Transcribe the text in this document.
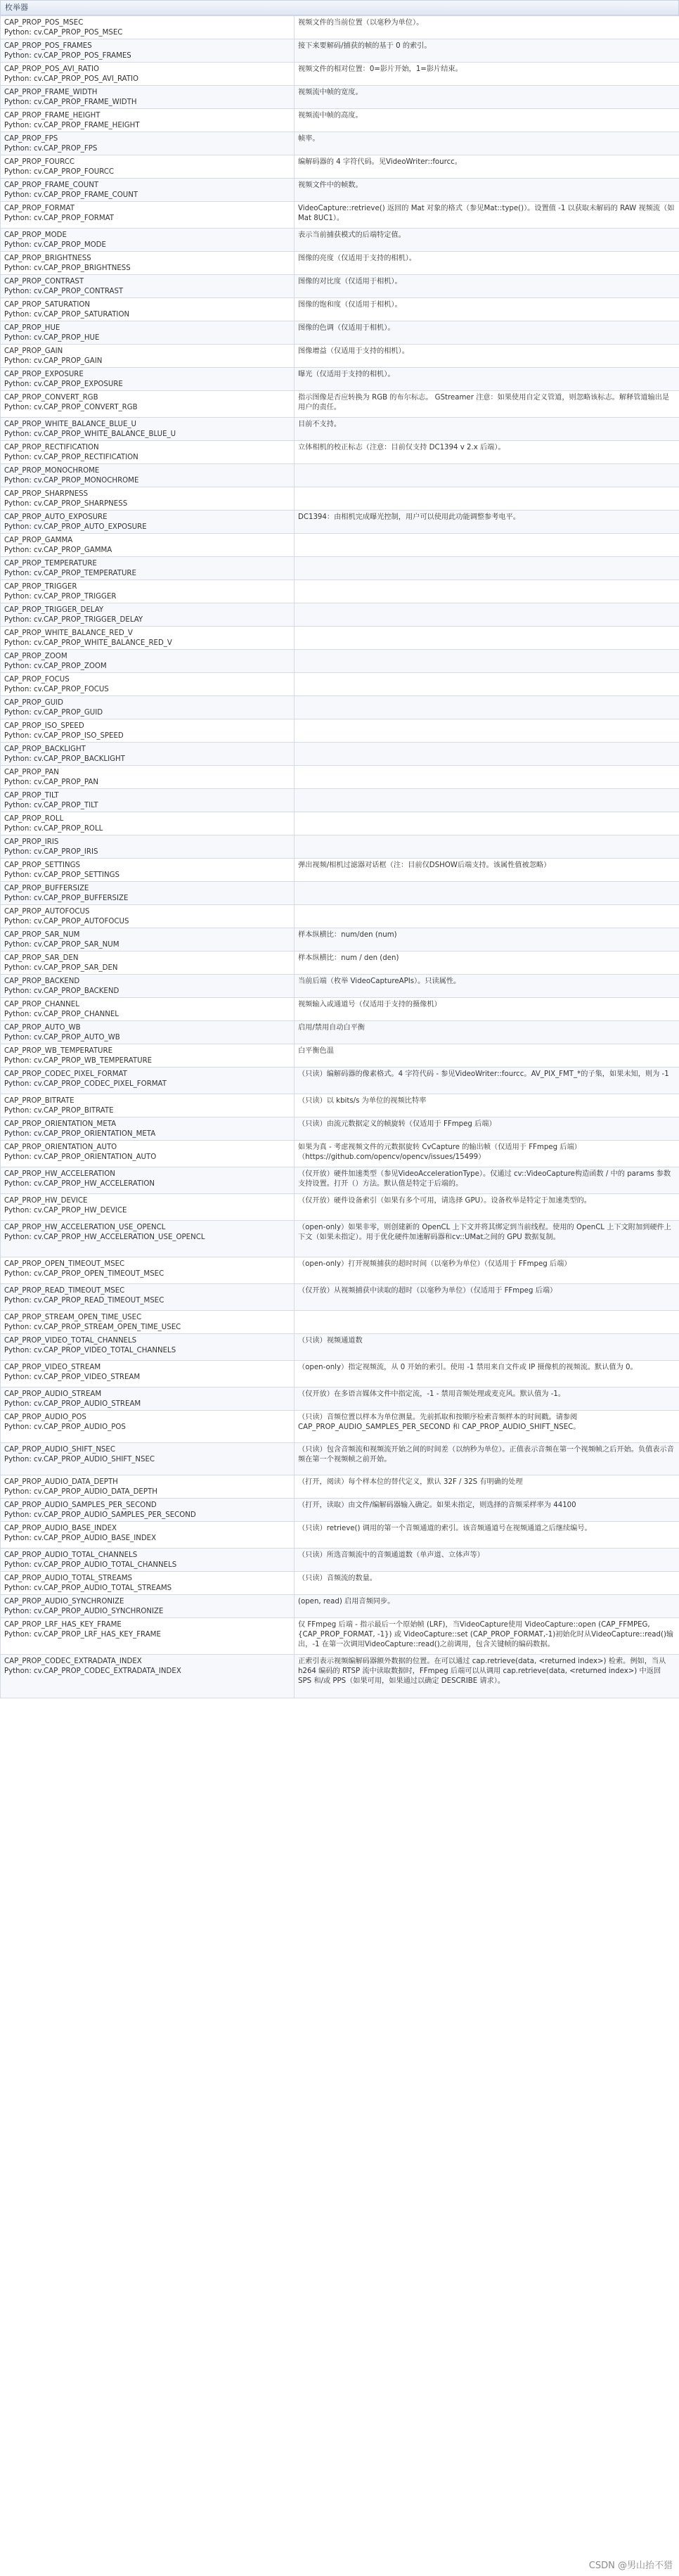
枚举器
CAP_PROP_POS_MSEC
Python: cv.CAP_PROP_POS_MSEC	视频文件的当前位置（以毫秒为单位）。

CAP_PROP_POS_FRAMES
Python: cv.CAP_PROP_POS_FRAMES	接下来要解码/捕获的帧的基于 0 的索引。

CAP_PROP_POS_AVI_RATIO
Python: cv.CAP_PROP_POS_AVI_RATIO	视频文件的相对位置：0=影片开始，1=影片结束。

CAP_PROP_FRAME_WIDTH
Python: cv.CAP_PROP_FRAME_WIDTH	视频流中帧的宽度。

CAP_PROP_FRAME_HEIGHT
Python: cv.CAP_PROP_FRAME_HEIGHT	视频流中帧的高度。

CAP_PROP_FPS
Python: cv.CAP_PROP_FPS	帧率。

CAP_PROP_FOURCC
Python: cv.CAP_PROP_FOURCC	编解码器的 4 字符代码。见VideoWriter::fourcc。

CAP_PROP_FRAME_COUNT
Python: cv.CAP_PROP_FRAME_COUNT	视频文件中的帧数。

CAP_PROP_FORMAT
Python: cv.CAP_PROP_FORMAT	VideoCapture::retrieve() 返回的 Mat 对象的格式（参见Mat::type()）。设置值 -1 以获取未解码的 RAW 视频流（如Mat 8UC1）。

CAP_PROP_MODE
Python: cv.CAP_PROP_MODE	表示当前捕获模式的后端特定值。

CAP_PROP_BRIGHTNESS
Python: cv.CAP_PROP_BRIGHTNESS	图像的亮度（仅适用于支持的相机）。

CAP_PROP_CONTRAST
Python: cv.CAP_PROP_CONTRAST	图像的对比度（仅适用于相机）。

CAP_PROP_SATURATION
Python: cv.CAP_PROP_SATURATION	图像的饱和度（仅适用于相机）。

CAP_PROP_HUE
Python: cv.CAP_PROP_HUE	图像的色调（仅适用于相机）。

CAP_PROP_GAIN
Python: cv.CAP_PROP_GAIN	图像增益（仅适用于支持的相机）。

CAP_PROP_EXPOSURE
Python: cv.CAP_PROP_EXPOSURE	曝光（仅适用于支持的相机）。

CAP_PROP_CONVERT_RGB
Python: cv.CAP_PROP_CONVERT_RGB	指示图像是否应转换为 RGB 的布尔标志。 GStreamer 注意：如果使用自定义管道，则忽略该标志。解释管道输出是用户的责任。

CAP_PROP_WHITE_BALANCE_BLUE_U
Python: cv.CAP_PROP_WHITE_BALANCE_BLUE_U	目前不支持。

CAP_PROP_RECTIFICATION
Python: cv.CAP_PROP_RECTIFICATION	立体相机的校正标志（注意：目前仅支持 DC1394 v 2.x 后端）。

CAP_PROP_MONOCHROME
Python: cv.CAP_PROP_MONOCHROME	

CAP_PROP_SHARPNESS
Python: cv.CAP_PROP_SHARPNESS	

CAP_PROP_AUTO_EXPOSURE
Python: cv.CAP_PROP_AUTO_EXPOSURE	DC1394：由相机完成曝光控制，用户可以使用此功能调整参考电平。

CAP_PROP_GAMMA
Python: cv.CAP_PROP_GAMMA	

CAP_PROP_TEMPERATURE
Python: cv.CAP_PROP_TEMPERATURE	

CAP_PROP_TRIGGER
Python: cv.CAP_PROP_TRIGGER	

CAP_PROP_TRIGGER_DELAY
Python: cv.CAP_PROP_TRIGGER_DELAY	

CAP_PROP_WHITE_BALANCE_RED_V
Python: cv.CAP_PROP_WHITE_BALANCE_RED_V	

CAP_PROP_ZOOM
Python: cv.CAP_PROP_ZOOM	

CAP_PROP_FOCUS
Python: cv.CAP_PROP_FOCUS	

CAP_PROP_GUID
Python: cv.CAP_PROP_GUID	

CAP_PROP_ISO_SPEED
Python: cv.CAP_PROP_ISO_SPEED	

CAP_PROP_BACKLIGHT
Python: cv.CAP_PROP_BACKLIGHT	

CAP_PROP_PAN
Python: cv.CAP_PROP_PAN	

CAP_PROP_TILT
Python: cv.CAP_PROP_TILT	

CAP_PROP_ROLL
Python: cv.CAP_PROP_ROLL	

CAP_PROP_IRIS
Python: cv.CAP_PROP_IRIS	

CAP_PROP_SETTINGS
Python: cv.CAP_PROP_SETTINGS	弹出视频/相机过滤器对话框（注：目前仅DSHOW后端支持。该属性值被忽略）

CAP_PROP_BUFFERSIZE
Python: cv.CAP_PROP_BUFFERSIZE	

CAP_PROP_AUTOFOCUS
Python: cv.CAP_PROP_AUTOFOCUS	

CAP_PROP_SAR_NUM
Python: cv.CAP_PROP_SAR_NUM	样本纵横比：num/den (num)

CAP_PROP_SAR_DEN
Python: cv.CAP_PROP_SAR_DEN	样本纵横比：num / den (den)

CAP_PROP_BACKEND
Python: cv.CAP_PROP_BACKEND	当前后端（枚举 VideoCaptureAPIs）。只读属性。

CAP_PROP_CHANNEL
Python: cv.CAP_PROP_CHANNEL	视频输入或通道号（仅适用于支持的摄像机）

CAP_PROP_AUTO_WB
Python: cv.CAP_PROP_AUTO_WB	启用/禁用自动白平衡

CAP_PROP_WB_TEMPERATURE
Python: cv.CAP_PROP_WB_TEMPERATURE	白平衡色温

CAP_PROP_CODEC_PIXEL_FORMAT
Python: cv.CAP_PROP_CODEC_PIXEL_FORMAT	（只读）编解码器的像素格式。4 字符代码 - 参见VideoWriter::fourcc。AV_PIX_FMT_*的子集，如果未知，则为 -1

CAP_PROP_BITRATE
Python: cv.CAP_PROP_BITRATE	（只读）以 kbits/s 为单位的视频比特率

CAP_PROP_ORIENTATION_META
Python: cv.CAP_PROP_ORIENTATION_META	（只读）由流元数据定义的帧旋转（仅适用于 FFmpeg 后端）

CAP_PROP_ORIENTATION_AUTO
Python: cv.CAP_PROP_ORIENTATION_AUTO	如果为真 - 考虑视频文件的元数据旋转 CvCapture 的输出帧（仅适用于 FFmpeg 后端）（https://github.com/opencv/opencv/issues/15499）

CAP_PROP_HW_ACCELERATION
Python: cv.CAP_PROP_HW_ACCELERATION	（仅开放）硬件加速类型（参见VideoAccelerationType）。仅通过 cv::VideoCapture构造函数 / 中的 params 参数支持设置。打开（）方法。默认值是特定于后端的。

CAP_PROP_HW_DEVICE
Python: cv.CAP_PROP_HW_DEVICE	（仅开放）硬件设备索引（如果有多个可用，请选择 GPU）。设备枚举是特定于加速类型的。

CAP_PROP_HW_ACCELERATION_USE_OPENCL
Python: cv.CAP_PROP_HW_ACCELERATION_USE_OPENCL	（open-only）如果非零，则创建新的 OpenCL 上下文并将其绑定到当前线程。使用的 OpenCL 上下文附加到硬件上下文（如果未指定）。用于优化硬件加速解码器和cv::UMat之间的 GPU 数据复制。

CAP_PROP_OPEN_TIMEOUT_MSEC
Python: cv.CAP_PROP_OPEN_TIMEOUT_MSEC	（open-only）打开视频捕获的超时时间（以毫秒为单位）（仅适用于 FFmpeg 后端）

CAP_PROP_READ_TIMEOUT_MSEC
Python: cv.CAP_PROP_READ_TIMEOUT_MSEC	（仅开放）从视频捕获中读取的超时（以毫秒为单位）（仅适用于 FFmpeg 后端）

CAP_PROP_STREAM_OPEN_TIME_USEC
Python: cv.CAP_PROP_STREAM_OPEN_TIME_USEC	

CAP_PROP_VIDEO_TOTAL_CHANNELS
Python: cv.CAP_PROP_VIDEO_TOTAL_CHANNELS	（只读）视频通道数

CAP_PROP_VIDEO_STREAM
Python: cv.CAP_PROP_VIDEO_STREAM	（open-only）指定视频流，从 0 开始的索引。使用 -1 禁用来自文件或 IP 摄像机的视频流。默认值为 0。

CAP_PROP_AUDIO_STREAM
Python: cv.CAP_PROP_AUDIO_STREAM	（仅开放）在多语言媒体文件中指定流，-1 - 禁用音频处理或麦克风。默认值为 -1。

CAP_PROP_AUDIO_POS
Python: cv.CAP_PROP_AUDIO_POS	（只读）音频位置以样本为单位测量。先前抓取和按顺序检索音频样本的时间戳。请参阅 CAP_PROP_AUDIO_SAMPLES_PER_SECOND 和 CAP_PROP_AUDIO_SHIFT_NSEC。

CAP_PROP_AUDIO_SHIFT_NSEC
Python: cv.CAP_PROP_AUDIO_SHIFT_NSEC	（只读）包含音频流和视频流开始之间的时间差（以纳秒为单位）。正值表示音频在第一个视频帧之后开始。负值表示音频在第一个视频帧之前开始。

CAP_PROP_AUDIO_DATA_DEPTH
Python: cv.CAP_PROP_AUDIO_DATA_DEPTH	（打开，阅读）每个样本位的替代定义，默认 32F / 32S 有明确的处理

CAP_PROP_AUDIO_SAMPLES_PER_SECOND
Python: cv.CAP_PROP_AUDIO_SAMPLES_PER_SECOND	（打开，读取）由文件/编解码器输入确定。如果未指定，则选择的音频采样率为 44100

CAP_PROP_AUDIO_BASE_INDEX
Python: cv.CAP_PROP_AUDIO_BASE_INDEX	（只读）retrieve() 调用的第一个音频通道的索引。该音频通道号在视频通道之后继续编号。

CAP_PROP_AUDIO_TOTAL_CHANNELS
Python: cv.CAP_PROP_AUDIO_TOTAL_CHANNELS	（只读）所选音频流中的音频通道数（单声道、立体声等）

CAP_PROP_AUDIO_TOTAL_STREAMS
Python: cv.CAP_PROP_AUDIO_TOTAL_STREAMS	（只读）音频流的数量。

CAP_PROP_AUDIO_SYNCHRONIZE
Python: cv.CAP_PROP_AUDIO_SYNCHRONIZE	(open, read) 启用音频同步。

CAP_PROP_LRF_HAS_KEY_FRAME
Python: cv.CAP_PROP_LRF_HAS_KEY_FRAME	仅 FFmpeg 后端 - 指示最后一个原始帧 (LRF)，当VideoCapture使用 VideoCapture::open (CAP_FFMPEG, {CAP_PROP_FORMAT, -1}) 或 VideoCapture::set (CAP_PROP_FORMAT,-1)初始化时从VideoCapture::read()输出，-1 在第一次调用VideoCapture::read()之前调用，包含关键帧的编码数据。

CAP_PROP_CODEC_EXTRADATA_INDEX
Python: cv.CAP_PROP_CODEC_EXTRADATA_INDEX	正索引表示视频编解码器额外数据的位置。在可以通过 cap.retrieve(data, <returned index>) 检索。例如，当从 h264 编码的 RTSP 流中读取数据时，FFmpeg 后端可以从调用 cap.retrieve(data, <returned index>) 中返回 SPS 和/或 PPS（如果可用，如果通过以确定 DESCRIBE 请求）。
CSDN @男山抬不猎
